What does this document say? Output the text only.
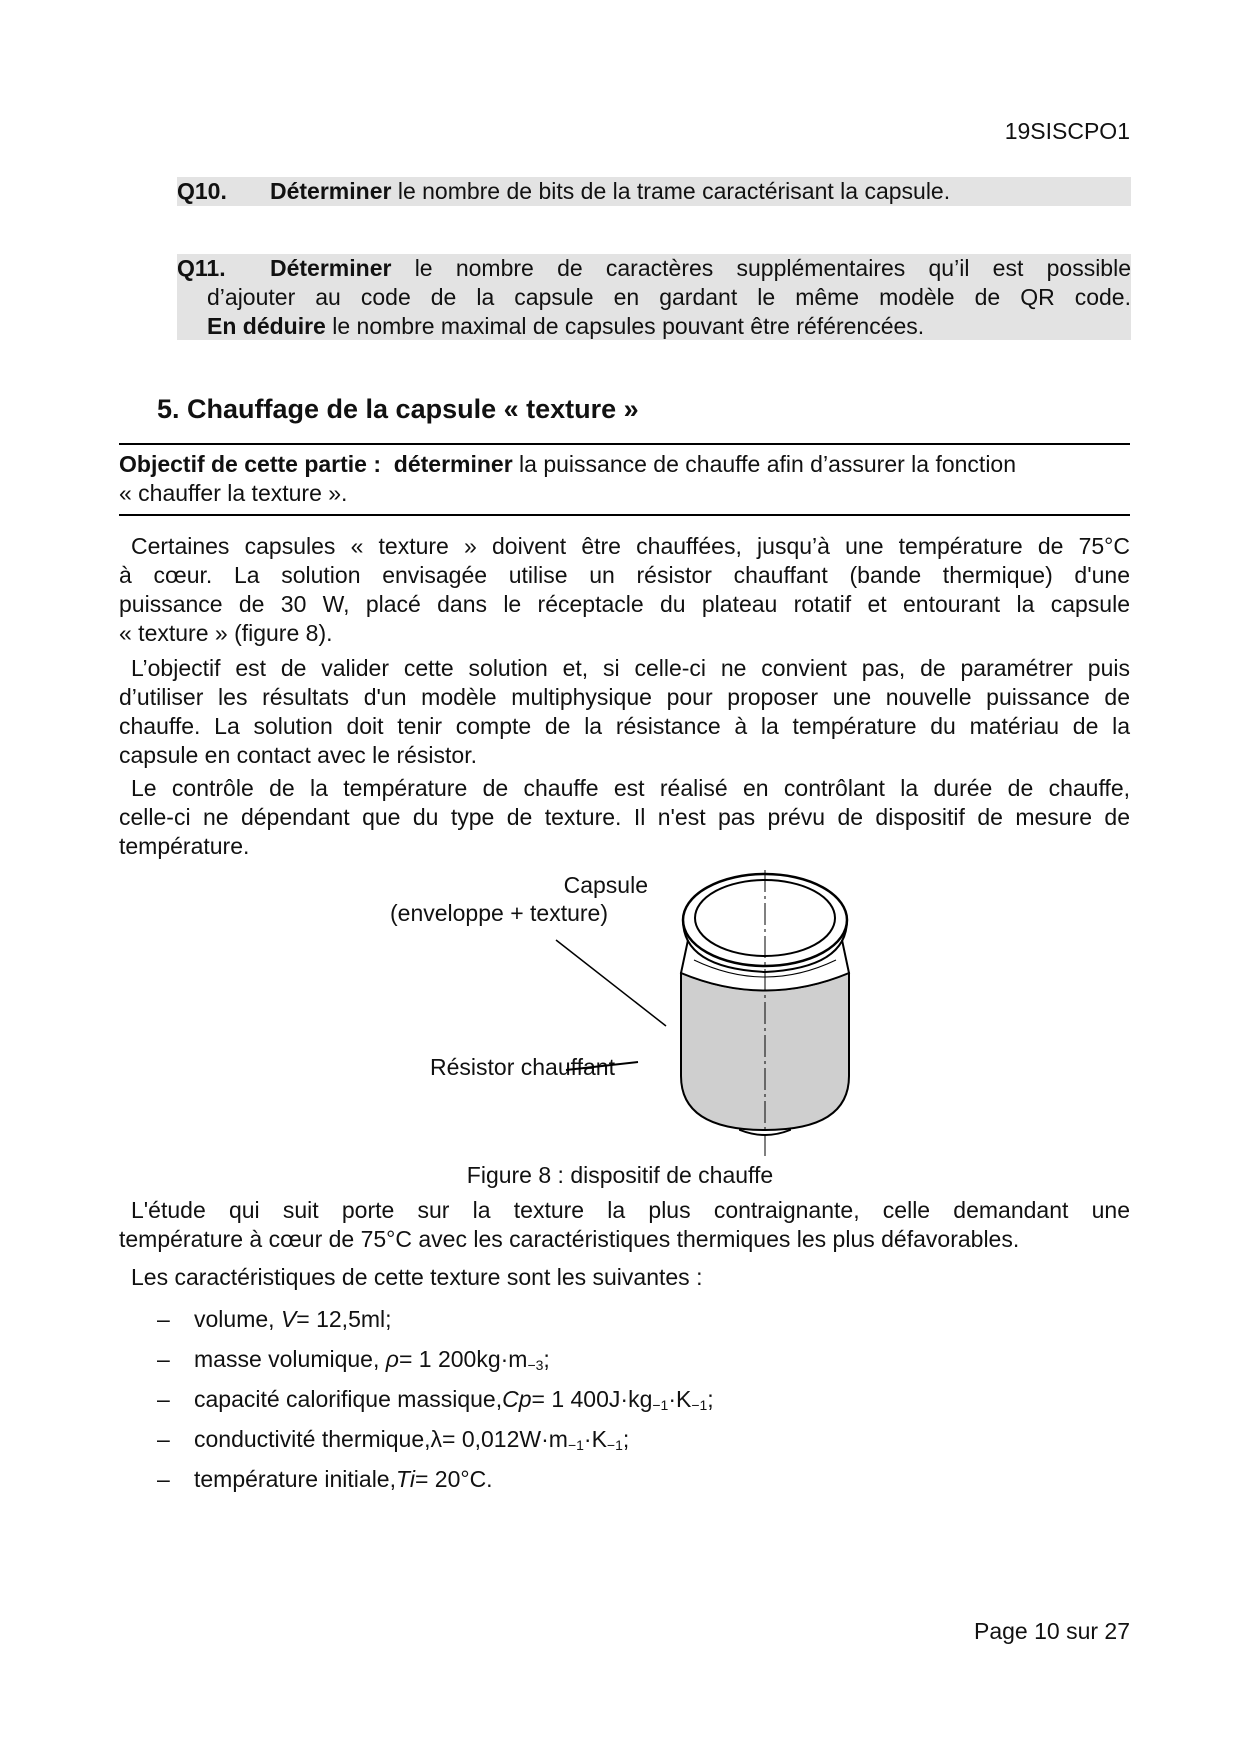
19SISCPO1
Q10. Déterminer le nombre de bits de la trame caractérisant la capsule.
Q11. Déterminer le nombre de caractères supplémentaires qu’il est possible
d’ajouter au code de la capsule en gardant le même modèle de QR code.
En déduire le nombre maximal de capsules pouvant être référencées.
5. Chauffage de la capsule « texture »
Objectif de cette partie : déterminer la puissance de chauffe afin d’assurer la fonction
« chauffer la texture ».
Certaines capsules « texture » doivent être chauffées, jusqu’à une température de 75°C
à cœur. La solution envisagée utilise un résistor chauffant (bande thermique) d'une
puissance de 30 W, placé dans le réceptacle du plateau rotatif et entourant la capsule
« texture » (figure 8).
L’objectif est de valider cette solution et, si celle-ci ne convient pas, de paramétrer puis
d’utiliser les résultats d'un modèle multiphysique pour proposer une nouvelle puissance de
chauffe. La solution doit tenir compte de la résistance à la température du matériau de la
capsule en contact avec le résistor.
Le contrôle de la température de chauffe est réalisé en contrôlant la durée de chauffe,
celle-ci ne dépendant que du type de texture. Il n'est pas prévu de dispositif de mesure de
température.
Capsule
(enveloppe + texture)
Résistor chauffant
Figure 8 : dispositif de chauffe
L'étude qui suit porte sur la texture la plus contraignante, celle demandant une
température à cœur de 75°C avec les caractéristiques thermiques les plus défavorables.
Les caractéristiques de cette texture sont les suivantes :
–	volume,
V = 12,5 ml ;
–	masse volumique,
ρ = 1 200 $kg\cdot m_{-3}$ ;
–	capacité calorifique massique, Cp = 1 400 $J\cdot kg_{-1} \cdot K_{-1}$ ;
–	conductivité thermique, λ = 0,012 $W\cdot m_{-1} \cdot K_{-1}$ ;
–	température initiale, Ti = 20°C.
Page 10 sur 27
